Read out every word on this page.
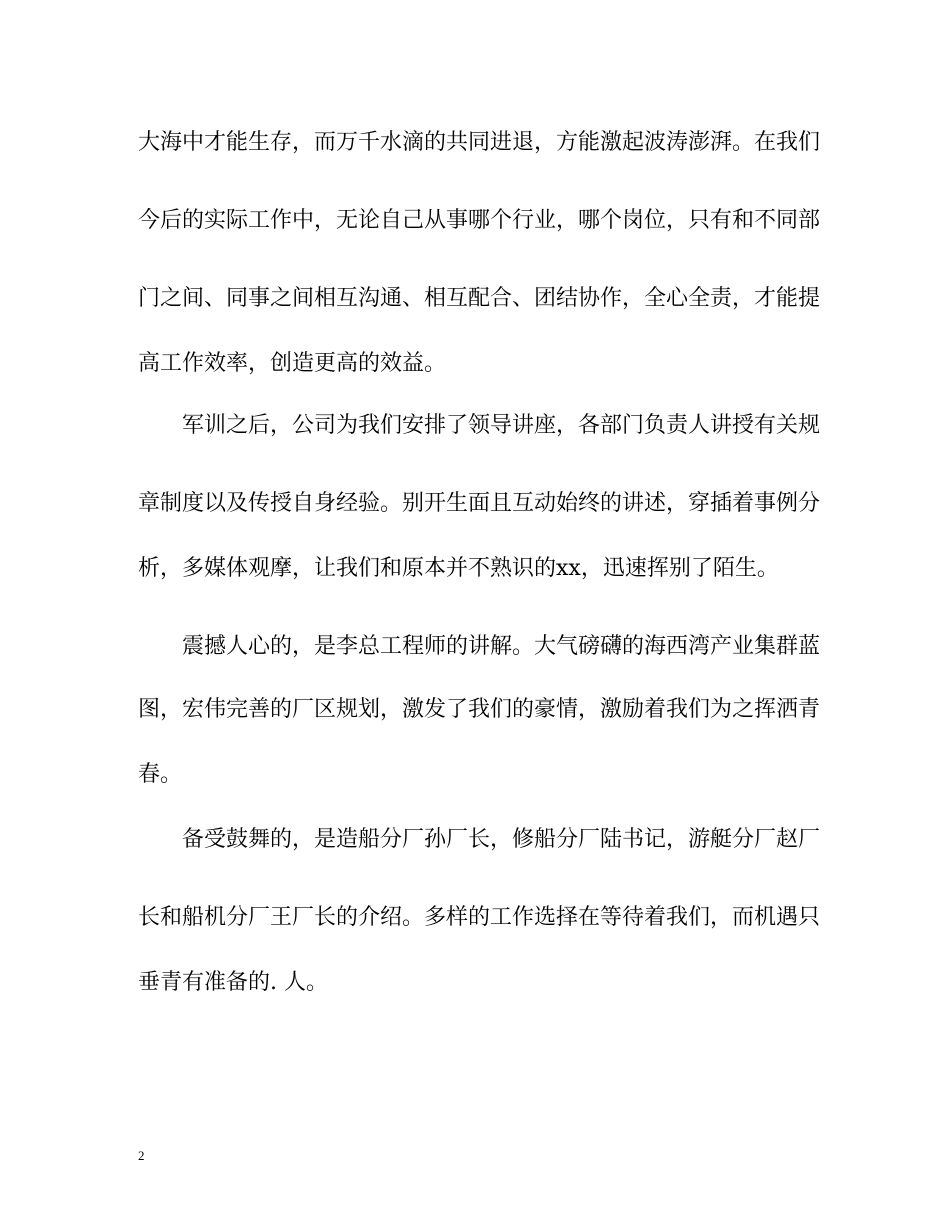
大海中才能生存，而万千水滴的共同进退，方能激起波涛澎湃。在我们
今后的实际工作中，无论自己从事哪个行业，哪个岗位，只有和不同部
门之间、同事之间相互沟通、相互配合、团结协作，全心全责，才能提
高工作效率，创造更高的效益。
军训之后，公司为我们安排了领导讲座，各部门负责人讲授有关规
章制度以及传授自身经验。别开生面且互动始终的讲述，穿插着事例分
析，多媒体观摩，让我们和原本并不熟识的xx，迅速挥别了陌生。
震撼人心的，是李总工程师的讲解。大气磅礴的海西湾产业集群蓝
图，宏伟完善的厂区规划，激发了我们的豪情，激励着我们为之挥洒青
春。
备受鼓舞的，是造船分厂孙厂长，修船分厂陆书记，游艇分厂赵厂
长和船机分厂王厂长的介绍。多样的工作选择在等待着我们，而机遇只
垂青有准备的. 人。
2
